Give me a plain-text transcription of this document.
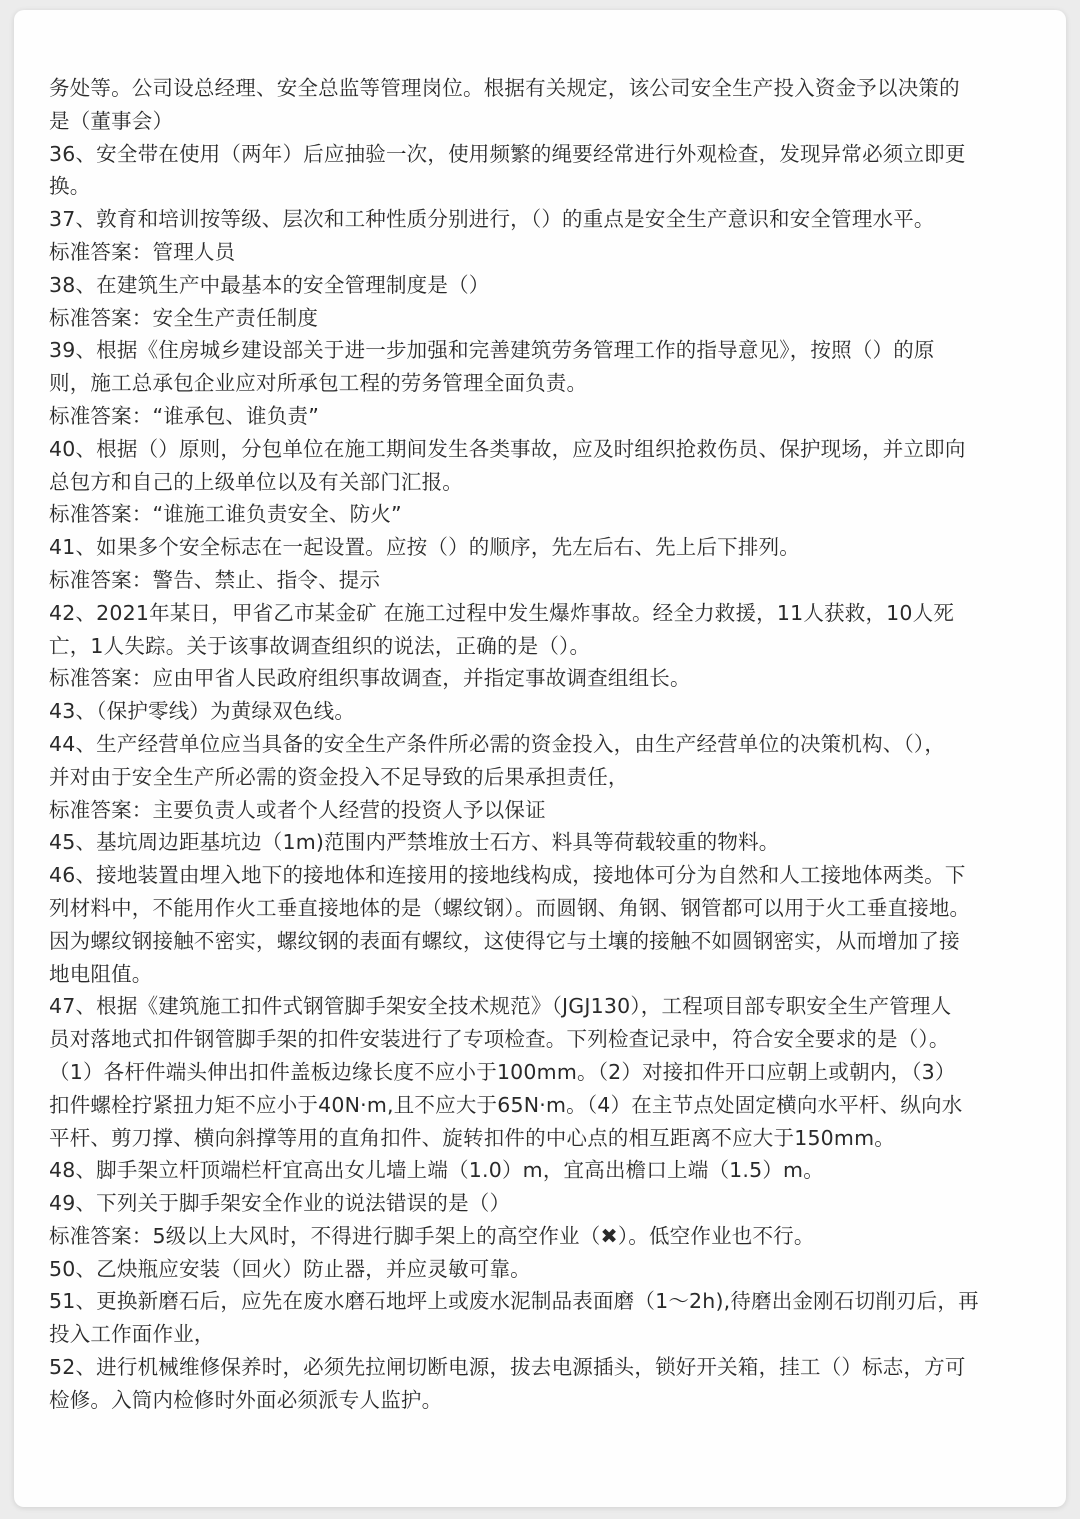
务处等。公司设总经理、安全总监等管理岗位。根据有关规定，该公司安全生产投入资金予以决策的
是（董事会）
36、安全带在使用（两年）后应抽验一次，使用频繁的绳要经常进行外观检查，发现异常必须立即更
换。
37、敦育和培训按等级、层次和工种性质分别进行，（）的重点是安全生产意识和安全管理水平。
标准答案：管理人员
38、在建筑生产中最基本的安全管理制度是（）
标准答案：安全生产责任制度
39、根据《住房城乡建设部关于进一步加强和完善建筑劳务管理工作的指导意见》，按照（）的原
则，施工总承包企业应对所承包工程的劳务管理全面负责。
标准答案：“谁承包、谁负责”
40、根据（）原则，分包单位在施工期间发生各类事故，应及时组织抢救伤员、保护现场，并立即向
总包方和自己的上级单位以及有关部门汇报。
标准答案：“谁施工谁负责安全、防火”
41、如果多个安全标志在一起设置。应按（）的顺序，先左后右、先上后下排列。
标准答案：警告、禁止、指令、提示
42、2021年某日，甲省乙市某金矿 在施工过程中发生爆炸事故。经全力救援，11人获救，10人死
亡，1人失踪。关于该事故调查组织的说法，正确的是（）。
标准答案：应由甲省人民政府组织事故调查，并指定事故调查组组长。
43、（保护零线）为黄绿双色线。
44、生产经营单位应当具备的安全生产条件所必需的资金投入，由生产经营单位的决策机构、（），
并对由于安全生产所必需的资金投入不足导致的后果承担责任，
标准答案：主要负责人或者个人经营的投资人予以保证
45、基坑周边距基坑边（1m)范围内严禁堆放士石方、料具等荷载较重的物料。
46、接地装置由埋入地下的接地体和连接用的接地线构成，接地体可分为自然和人工接地体两类。下
列材料中，不能用作火工垂直接地体的是（螺纹钢）。而圆钢、角钢、钢管都可以用于火工垂直接地。
因为螺纹钢接触不密实，螺纹钢的表面有螺纹，这使得它与土壤的接触不如圆钢密实，从而增加了接
地电阻值。
47、根据《建筑施工扣件式钢管脚手架安全技术规范》（JGJ130），工程项目部专职安全生产管理人
员对落地式扣件钢管脚手架的扣件安装进行了专项检查。下列检查记录中，符合安全要求的是（）。
（1）各杆件端头伸出扣件盖板边缘长度不应小于100mm。（2）对接扣件开口应朝上或朝内，（3）
扣件螺栓拧紧扭力矩不应小于40N·m,且不应大于65N·m。（4）在主节点处固定横向水平杆、纵向水
平杆、剪刀撑、横向斜撑等用的直角扣件、旋转扣件的中心点的相互距离不应大于150mm。
48、脚手架立杆顶端栏杆宜高出女儿墙上端（1.0）m，宜高出檐口上端（1.5）m。
49、下列关于脚手架安全作业的说法错误的是（）
标准答案：5级以上大风时，不得进行脚手架上的高空作业（✖）。低空作业也不行。
50、乙炔瓶应安装（回火）防止器，并应灵敏可靠。
51、更换新磨石后，应先在废水磨石地坪上或废水泥制品表面磨（1～2h),待磨出金刚石切削刃后，再
投入工作面作业，
52、进行机械维修保养时，必须先拉闸切断电源，拔去电源插头，锁好开关箱，挂工（）标志，方可
检修。入筒内检修时外面必须派专人监护。
